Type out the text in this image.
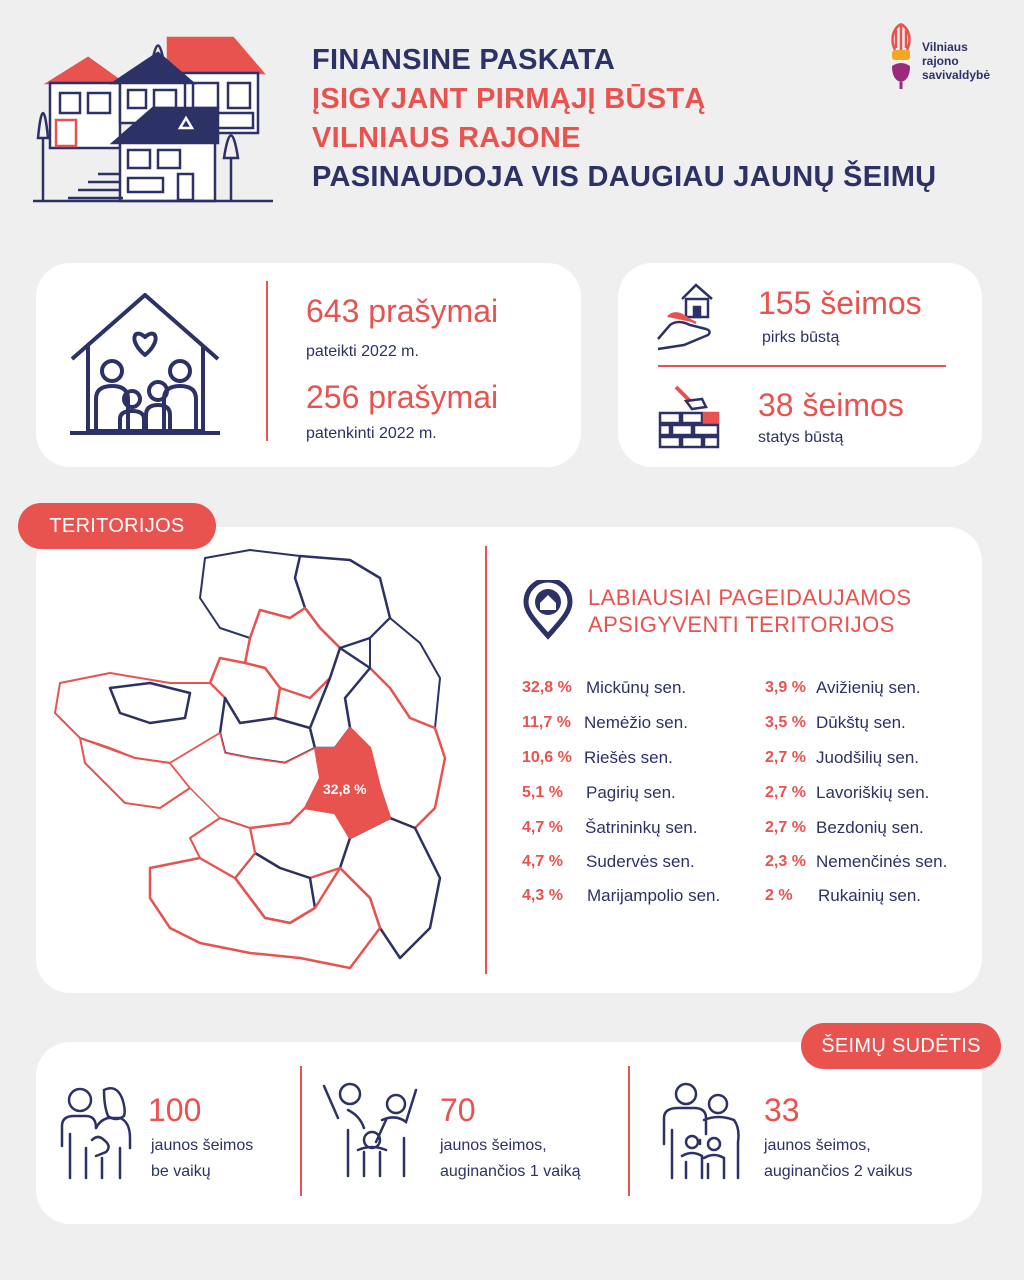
FINANSINE PASKATA
ĮSIGYJANT PIRMĄJĮ BŪSTĄ
VILNIAUS RAJONE
PASINAUDOJA VIS DAUGIAU JAUNŲ ŠEIMŲ
Vilniaus
rajono
savivaldybė
643 prašymai
pateikti 2022 m.
256 prašymai
patenkinti 2022 m.
155 šeimos
pirks būstą
38 šeimos
statys būstą
TERITORIJOS
32,8 %
LABIAUSIAI PAGEIDAUJAMOS
APSIGYVENTI TERITORIJOS
32,8 % Mickūnų sen.
11,7 % Nemėžio sen.
10,6 % Riešės sen.
5,1 % Pagirių sen.
4,7 % Šatrininkų sen.
4,7 % Sudervės sen.
4,3 % Marijampolio sen.
3,9 % Avižienių sen.
3,5 % Dūkštų sen.
2,7 % Juodšilių sen.
2,7 % Lavoriškių sen.
2,7 % Bezdonių sen.
2,3 % Nemenčinės sen.
2 % Rukainių sen.
ŠEIMŲ SUDĖTIS
100
jaunos šeimos
be vaikų
70
jaunos šeimos,
auginančios 1 vaiką
33
jaunos šeimos,
auginančios 2 vaikus
